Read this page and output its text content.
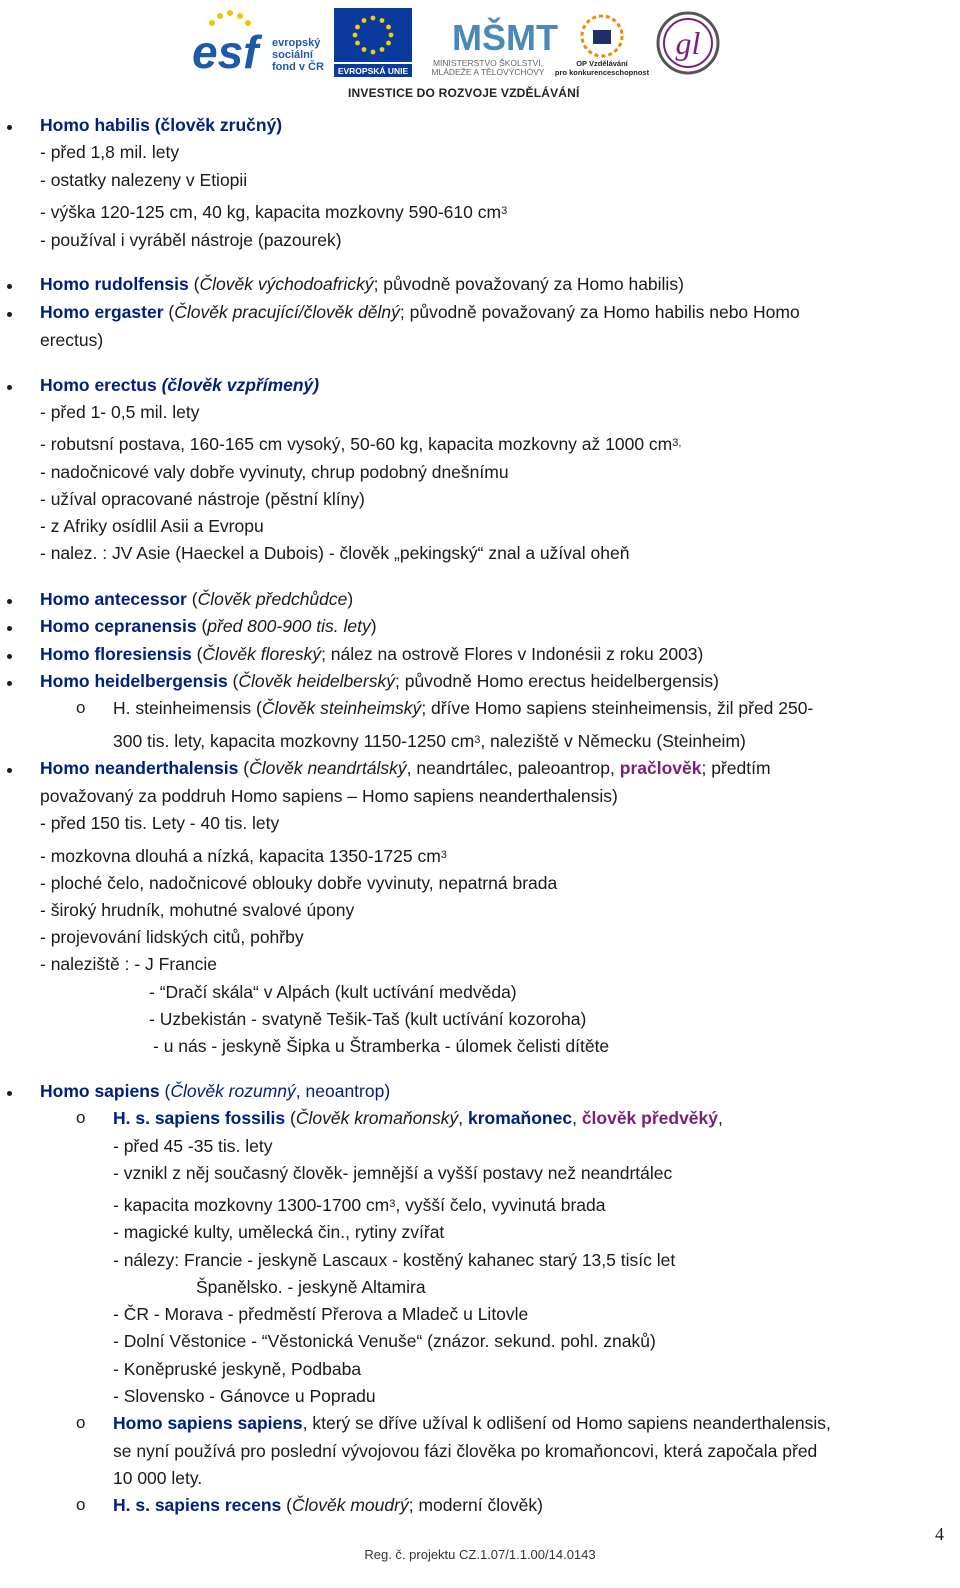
esf	evropský
sociální
fond v ČR EVROPSKÁ UNIE
MŠMT
MINISTERSTVO ŠKOLSTVÍ,
MLÁDEŽE A TĚLOVÝCHOVY
OP Vzdělávání
pro konkurenceschopnost
gl
INVESTICE DO ROZVOJE VZDĚLÁVÁNÍ
Homo habilis (člověk zručný)
- před 1,8 mil. lety
- ostatky nalezeny v Etiopii
- výška 120-125 cm, 40 kg, kapacita mozkovny 590-610 $cm^3$
- používal i vyráběl nástroje (pazourek)
Homo rudolfensis (Člověk východoafrický; původně považovaný za Homo habilis)
Homo ergaster (Člověk pracující/člověk dělný; původně považovaný za Homo habilis nebo Homo
erectus)
Homo erectus (člověk vzpřímený)
- před 1- 0,5 mil. lety
- robutsní postava, 160-165 cm vysoký, 50-60 kg, kapacita mozkovny až 1000 $cm^{3,}$
- nadočnicové valy dobře vyvinuty, chrup podobný dnešnímu
- užíval opracované nástroje (pěstní klíny)
- z Afriky osídlil Asii a Evropu
- nalez. : JV Asie (Haeckel a Dubois) - člověk „pekingský“ znal a užíval oheň
Homo antecessor (Člověk předchůdce)
Homo cepranensis (před 800-900 tis. lety)
Homo floresiensis (Člověk floreský; nález na ostrově Flores v Indonésii z roku 2003)
Homo heidelbergensis (Člověk heidelberský; původně Homo erectus heidelbergensis)
o H. steinheimensis (Člověk steinheimský; dříve Homo sapiens steinheimensis, žil před 250-
300 tis. lety, kapacita mozkovny 1150-1250 $cm^3$, naleziště v Německu (Steinheim)
Homo neanderthalensis (Člověk neandrtálský, neandrtálec, paleoantrop, pračlověk; předtím
považovaný za poddruh Homo sapiens – Homo sapiens neanderthalensis)
- před 150 tis. Lety - 40 tis. lety
- mozkovna dlouhá a nízká, kapacita 1350-1725 $cm^3$
- ploché čelo, nadočnicové oblouky dobře vyvinuty, nepatrná brada
- široký hrudník, mohutné svalové úpony
- projevování lidských citů, pohřby
- naleziště : - J Francie
- “Dračí skála“ v Alpách (kult uctívání medvěda)
- Uzbekistán - svatyně Tešik-Taš (kult uctívání kozoroha)
- u nás - jeskyně Šipka u Štramberka - úlomek čelisti dítěte
Homo sapiens (Člověk rozumný, neoantrop)
o H. s. sapiens fossilis (Člověk kromaňonský, kromaňonec, člověk předvěký,
- před 45 -35 tis. lety
- vznikl z něj současný člověk- jemnější a vyšší postavy než neandrtálec
- kapacita mozkovny 1300-1700 $cm^3$, vyšší čelo, vyvinutá brada
- magické kulty, umělecká čin., rytiny zvířat
- nálezy: Francie - jeskyně Lascaux - kostěný kahanec starý 13,5 tisíc let
Španělsko. - jeskyně Altamira
- ČR - Morava - předměstí Přerova a Mladeč u Litovle
- Dolní Věstonice - “Věstonická Venuše“ (znázor. sekund. pohl. znaků)
- Koněpruské jeskyně, Podbaba
- Slovensko - Gánovce u Popradu
o Homo sapiens sapiens, který se dříve užíval k odlišení od Homo sapiens neanderthalensis,
se nyní používá pro poslední vývojovou fázi člověka po kromaňoncovi, která započala před
10 000 lety.
o H. s. sapiens recens (Člověk moudrý; moderní člověk)
4
Reg. č. projektu CZ.1.07/1.1.00/14.0143
